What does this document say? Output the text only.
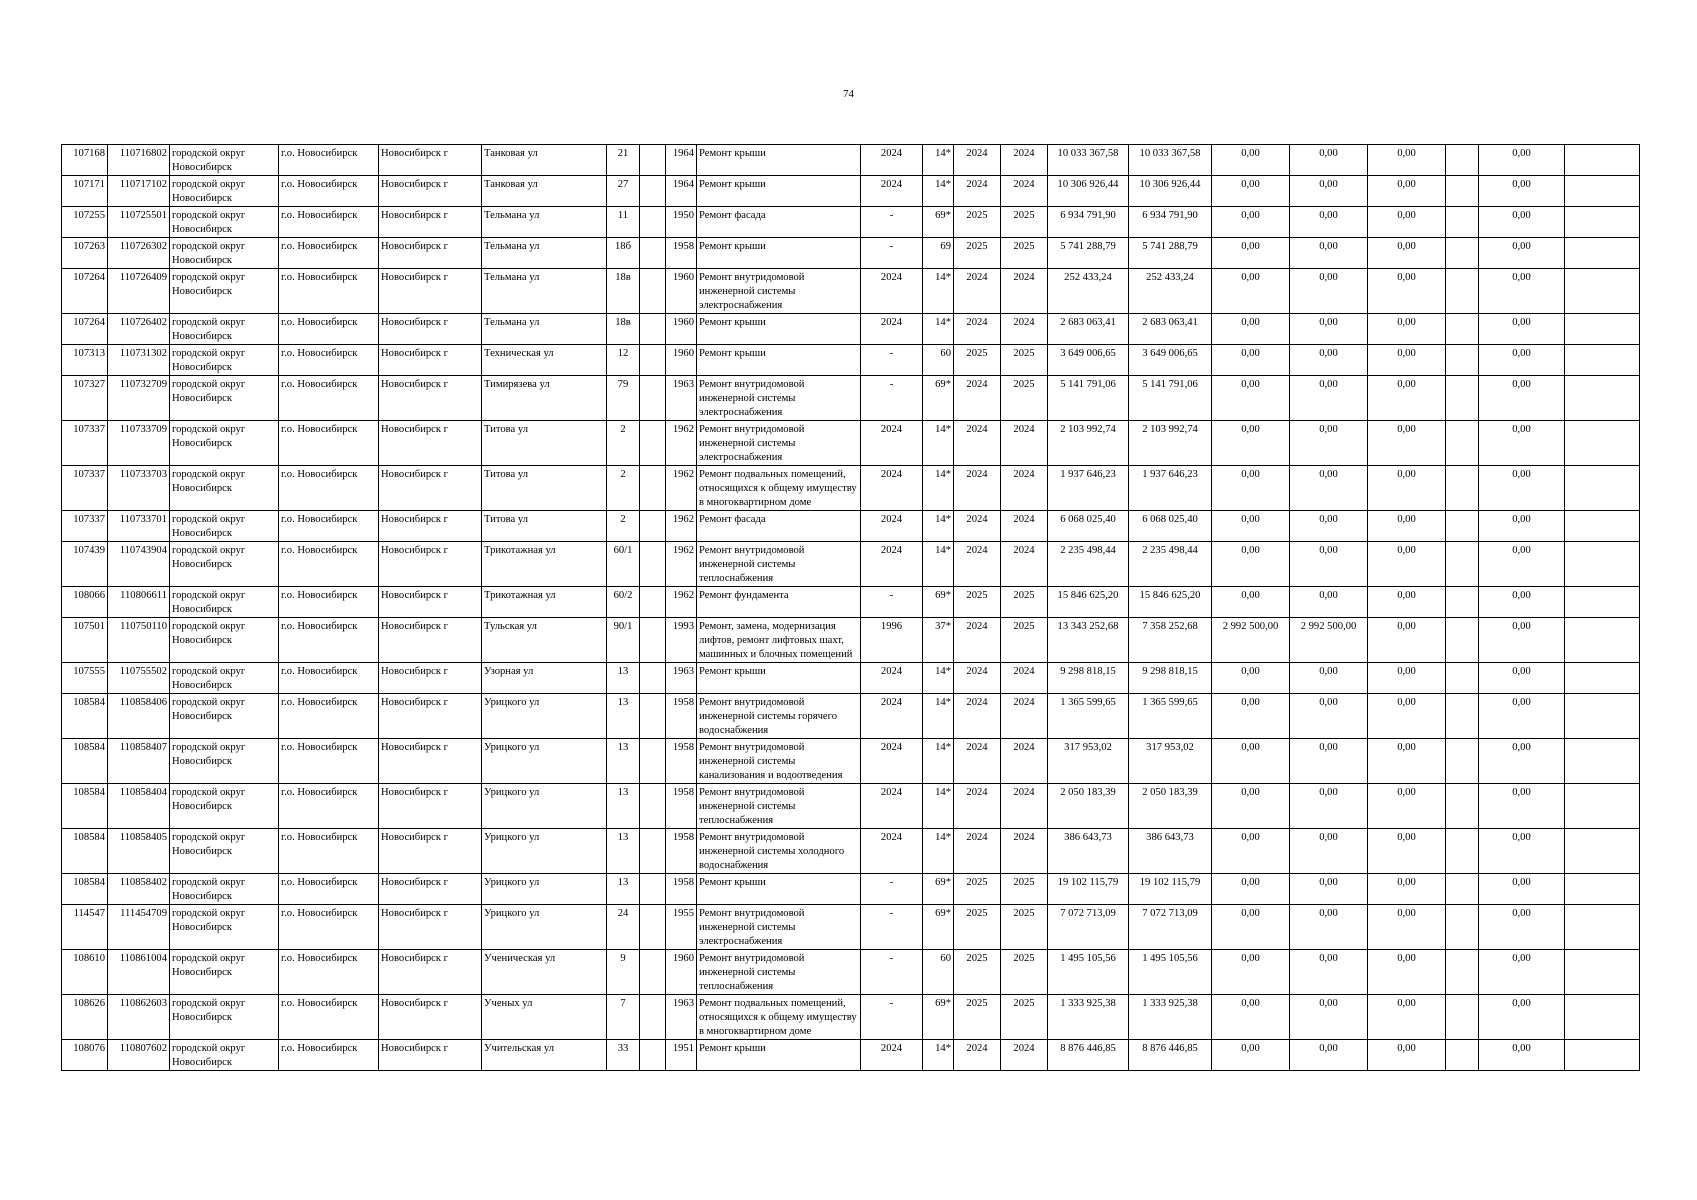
74
107168	110716802	городской округ Новосибирск	г.о. Новосибирск	Новосибирск г	Танковая ул	21		1964	Ремонт крыши	2024	14*	2024	2024	10 033 367,58	10 033 367,58	0,00	0,00	0,00		0,00	
107171	110717102	городской округ Новосибирск	г.о. Новосибирск	Новосибирск г	Танковая ул	27		1964	Ремонт крыши	2024	14*	2024	2024	10 306 926,44	10 306 926,44	0,00	0,00	0,00		0,00	
107255	110725501	городской округ Новосибирск	г.о. Новосибирск	Новосибирск г	Тельмана ул	11		1950	Ремонт фасада	-	69*	2025	2025	6 934 791,90	6 934 791,90	0,00	0,00	0,00		0,00	
107263	110726302	городской округ Новосибирск	г.о. Новосибирск	Новосибирск г	Тельмана ул	18б		1958	Ремонт крыши	-	69	2025	2025	5 741 288,79	5 741 288,79	0,00	0,00	0,00		0,00	
107264	110726409	городской округ Новосибирск	г.о. Новосибирск	Новосибирск г	Тельмана ул	18в		1960	Ремонт внутридомовой инженерной системы электроснабжения	2024	14*	2024	2024	252 433,24	252 433,24	0,00	0,00	0,00		0,00	
107264	110726402	городской округ Новосибирск	г.о. Новосибирск	Новосибирск г	Тельмана ул	18в		1960	Ремонт крыши	2024	14*	2024	2024	2 683 063,41	2 683 063,41	0,00	0,00	0,00		0,00	
107313	110731302	городской округ Новосибирск	г.о. Новосибирск	Новосибирск г	Техническая ул	12		1960	Ремонт крыши	-	60	2025	2025	3 649 006,65	3 649 006,65	0,00	0,00	0,00		0,00	
107327	110732709	городской округ Новосибирск	г.о. Новосибирск	Новосибирск г	Тимирязева ул	79		1963	Ремонт внутридомовой инженерной системы электроснабжения	-	69*	2024	2025	5 141 791,06	5 141 791,06	0,00	0,00	0,00		0,00	
107337	110733709	городской округ Новосибирск	г.о. Новосибирск	Новосибирск г	Титова ул	2		1962	Ремонт внутридомовой инженерной системы электроснабжения	2024	14*	2024	2024	2 103 992,74	2 103 992,74	0,00	0,00	0,00		0,00	
107337	110733703	городской округ Новосибирск	г.о. Новосибирск	Новосибирск г	Титова ул	2		1962	Ремонт подвальных помещений, относящихся к общему имуществу в многоквартирном доме	2024	14*	2024	2024	1 937 646,23	1 937 646,23	0,00	0,00	0,00		0,00	
107337	110733701	городской округ Новосибирск	г.о. Новосибирск	Новосибирск г	Титова ул	2		1962	Ремонт фасада	2024	14*	2024	2024	6 068 025,40	6 068 025,40	0,00	0,00	0,00		0,00	
107439	110743904	городской округ Новосибирск	г.о. Новосибирск	Новосибирск г	Трикотажная ул	60/1		1962	Ремонт внутридомовой инженерной системы теплоснабжения	2024	14*	2024	2024	2 235 498,44	2 235 498,44	0,00	0,00	0,00		0,00	
108066	110806611	городской округ Новосибирск	г.о. Новосибирск	Новосибирск г	Трикотажная ул	60/2		1962	Ремонт фундамента	-	69*	2025	2025	15 846 625,20	15 846 625,20	0,00	0,00	0,00		0,00	
107501	110750110	городской округ Новосибирск	г.о. Новосибирск	Новосибирск г	Тульская ул	90/1		1993	Ремонт, замена, модернизация лифтов, ремонт лифтовых шахт, машинных и блочных помещений	1996	37*	2024	2025	13 343 252,68	7 358 252,68	2 992 500,00	2 992 500,00	0,00		0,00	
107555	110755502	городской округ Новосибирск	г.о. Новосибирск	Новосибирск г	Узорная ул	13		1963	Ремонт крыши	2024	14*	2024	2024	9 298 818,15	9 298 818,15	0,00	0,00	0,00		0,00	
108584	110858406	городской округ Новосибирск	г.о. Новосибирск	Новосибирск г	Урицкого ул	13		1958	Ремонт внутридомовой инженерной системы горячего водоснабжения	2024	14*	2024	2024	1 365 599,65	1 365 599,65	0,00	0,00	0,00		0,00	
108584	110858407	городской округ Новосибирск	г.о. Новосибирск	Новосибирск г	Урицкого ул	13		1958	Ремонт внутридомовой инженерной системы канализования и водоотведения	2024	14*	2024	2024	317 953,02	317 953,02	0,00	0,00	0,00		0,00	
108584	110858404	городской округ Новосибирск	г.о. Новосибирск	Новосибирск г	Урицкого ул	13		1958	Ремонт внутридомовой инженерной системы теплоснабжения	2024	14*	2024	2024	2 050 183,39	2 050 183,39	0,00	0,00	0,00		0,00	
108584	110858405	городской округ Новосибирск	г.о. Новосибирск	Новосибирск г	Урицкого ул	13		1958	Ремонт внутридомовой инженерной системы холодного водоснабжения	2024	14*	2024	2024	386 643,73	386 643,73	0,00	0,00	0,00		0,00	
108584	110858402	городской округ Новосибирск	г.о. Новосибирск	Новосибирск г	Урицкого ул	13		1958	Ремонт крыши	-	69*	2025	2025	19 102 115,79	19 102 115,79	0,00	0,00	0,00		0,00	
114547	111454709	городской округ Новосибирск	г.о. Новосибирск	Новосибирск г	Урицкого ул	24		1955	Ремонт внутридомовой инженерной системы электроснабжения	-	69*	2025	2025	7 072 713,09	7 072 713,09	0,00	0,00	0,00		0,00	
108610	110861004	городской округ Новосибирск	г.о. Новосибирск	Новосибирск г	Ученическая ул	9		1960	Ремонт внутридомовой инженерной системы теплоснабжения	-	60	2025	2025	1 495 105,56	1 495 105,56	0,00	0,00	0,00		0,00	
108626	110862603	городской округ Новосибирск	г.о. Новосибирск	Новосибирск г	Ученых ул	7		1963	Ремонт подвальных помещений, относящихся к общему имуществу в многоквартирном доме	-	69*	2025	2025	1 333 925,38	1 333 925,38	0,00	0,00	0,00		0,00	
108076	110807602	городской округ Новосибирск	г.о. Новосибирск	Новосибирск г	Учительская ул	33		1951	Ремонт крыши	2024	14*	2024	2024	8 876 446,85	8 876 446,85	0,00	0,00	0,00		0,00	
